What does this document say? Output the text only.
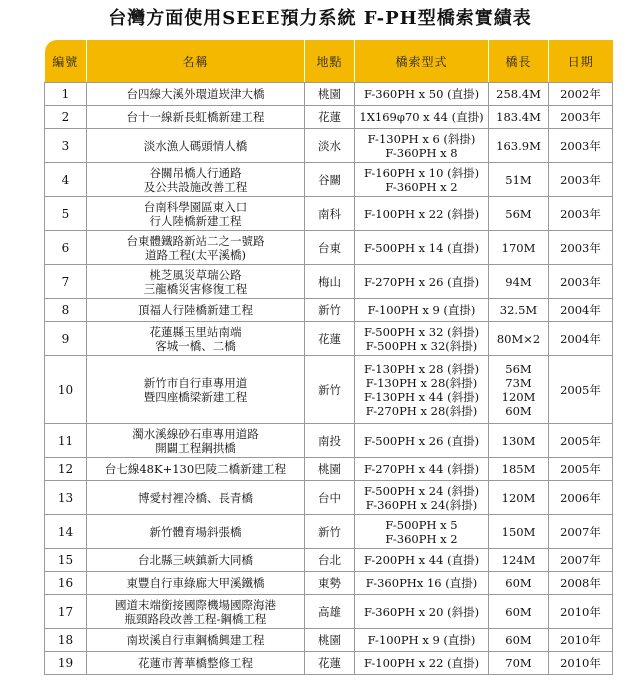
台灣方面使用SEEE預力系統 F-PH型橋索實績表
編號	名稱	地點	橋索型式	橋長	日期
1	台四線大溪外環道崁津大橋	桃園	F-360PH x 50 (直掛)	258.4M	2002年
2	台十一線新長虹橋新建工程	花蓮	1X169φ70 x 44 (直掛)	183.4M	2003年
3	淡水漁人碼頭情人橋	淡水	F-130PH x 6 (斜掛)
F-360PH x 8	163.9M	2003年
4	谷關吊橋人行通路
及公共設施改善工程	谷關	F-160PH x 10 (斜掛)
F-360PH x 2	51M	2003年
5	台南科學園區東入口
行人陸橋新建工程	南科	F-100PH x 22 (斜掛)	56M	2003年
6	台東體鐵路新站二之一號路
道路工程(太平溪橋)	台東	F-500PH x 14 (直掛)	170M	2003年
7	桃芝風災草瑞公路
三龍橋災害修復工程	梅山	F-270PH x 26 (直掛)	94M	2003年
8	頂福人行陸橋新建工程	新竹	F-100PH x 9 (直掛)	32.5M	2004年
9	花蓮縣玉里站南端
客城一橋、二橋	花蓮	F-500PH x 32 (斜掛)
F-500PH x 32(斜掛)	80M×2	2004年
10	新竹市自行車專用道
暨四座橋梁新建工程	新竹	F-130PH x 28 (斜掛)
F-130PH x 28(斜掛)
F-130PH x 44 (斜掛)
F-270PH x 28(斜掛)	56M
73M
120M
60M	2005年
11	濁水溪線砂石車專用道路
開闢工程鋼拱橋	南投	F-500PH x 26 (直掛)	130M	2005年
12	台七線48K+130巴陵二橋新建工程	桃園	F-270PH x 44 (斜掛)	185M	2005年
13	博愛村裡冷橋、長青橋	台中	F-500PH x 24 (斜掛)
F-360PH x 24(斜掛)	120M	2006年
14	新竹體育場斜張橋	新竹	F-500PH x 5
F-360PH x 2	150M	2007年
15	台北縣三峽鎮新大同橋	台北	F-200PH x 44 (直掛)	124M	2007年
16	東豐自行車綠廊大甲溪鐵橋	東勢	F-360PHx 16 (直掛)	60M	2008年
17	國道末端銜接國際機場國際海港
瓶頸路段改善工程-鋼橋工程	高雄	F-360PH x 20 (斜掛)	60M	2010年
18	南崁溪自行車鋼橋興建工程	桃園	F-100PH x 9 (直掛)	60M	2010年
19	花蓮市菁華橋整修工程	花蓮	F-100PH x 22 (直掛)	70M	2010年
